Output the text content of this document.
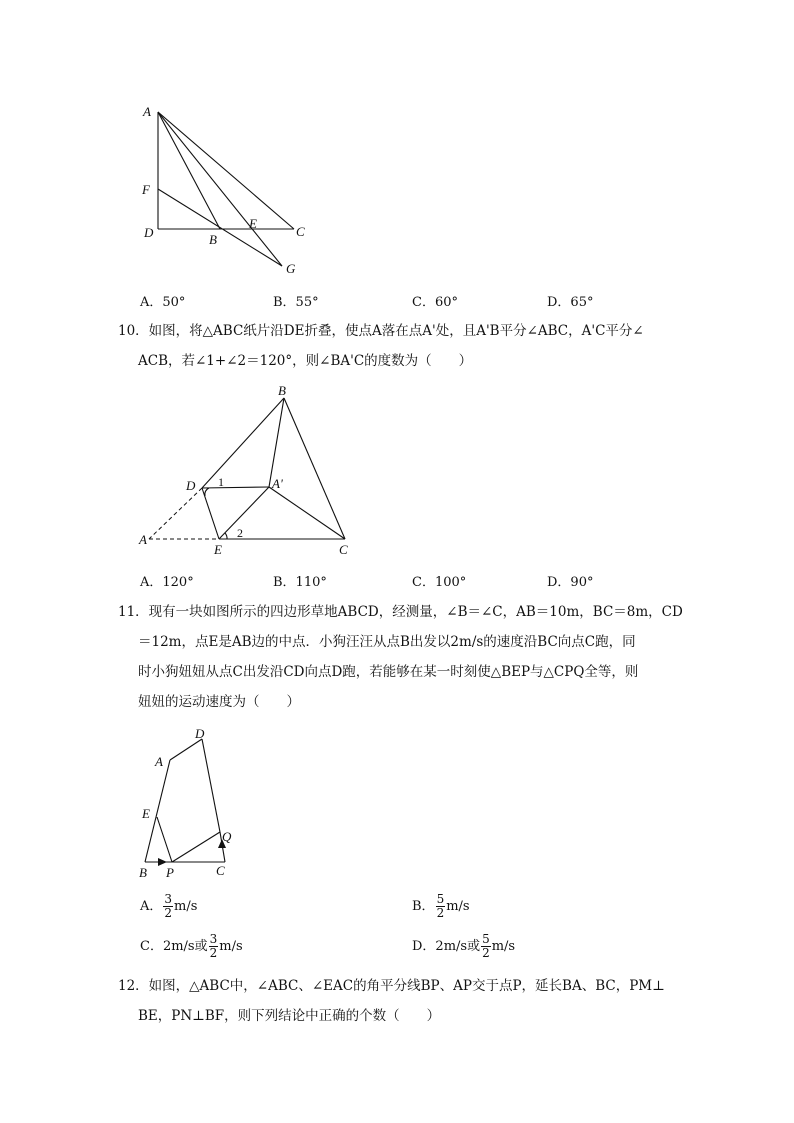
A
F
D	B
E
C
G
A．50°	B．55°	C．60°	D．65°

10．如图，将△ABC纸片沿DE折叠，使点A落在点A'处，且A'B平分∠ABC，A'C平分∠

ACB，若∠1+∠2＝120°，则∠BA'C的度数为（　　）

B
D 1	A'
2
A
E	C
A．120°	B．110°	C．100°	D．90°

11．现有一块如图所示的四边形草地ABCD，经测量，∠B＝∠C，AB＝10m，BC＝8m，CD

＝12m，点E是AB边的中点．小狗汪汪从点B出发以2m/s的速度沿BC向点C跑，同

时小狗妞妞从点C出发沿CD向点D跑，若能够在某一时刻使△BEP与△CPQ全等，则

妞妞的运动速度为（　　）

D
A
E
Q
B P	C
A． $\frac{3}{2} m/s$	B． $\frac{5}{2} m/s$
C．2m/s或 $\frac{3}{2} m/s$	D．2m/s或 $\frac{5}{2} m/s$

12．如图，△ABC中，∠ABC、∠EAC的角平分线BP、AP交于点P，延长BA、BC，PM⊥

BE，PN⊥BF，则下列结论中正确的个数（　　）
